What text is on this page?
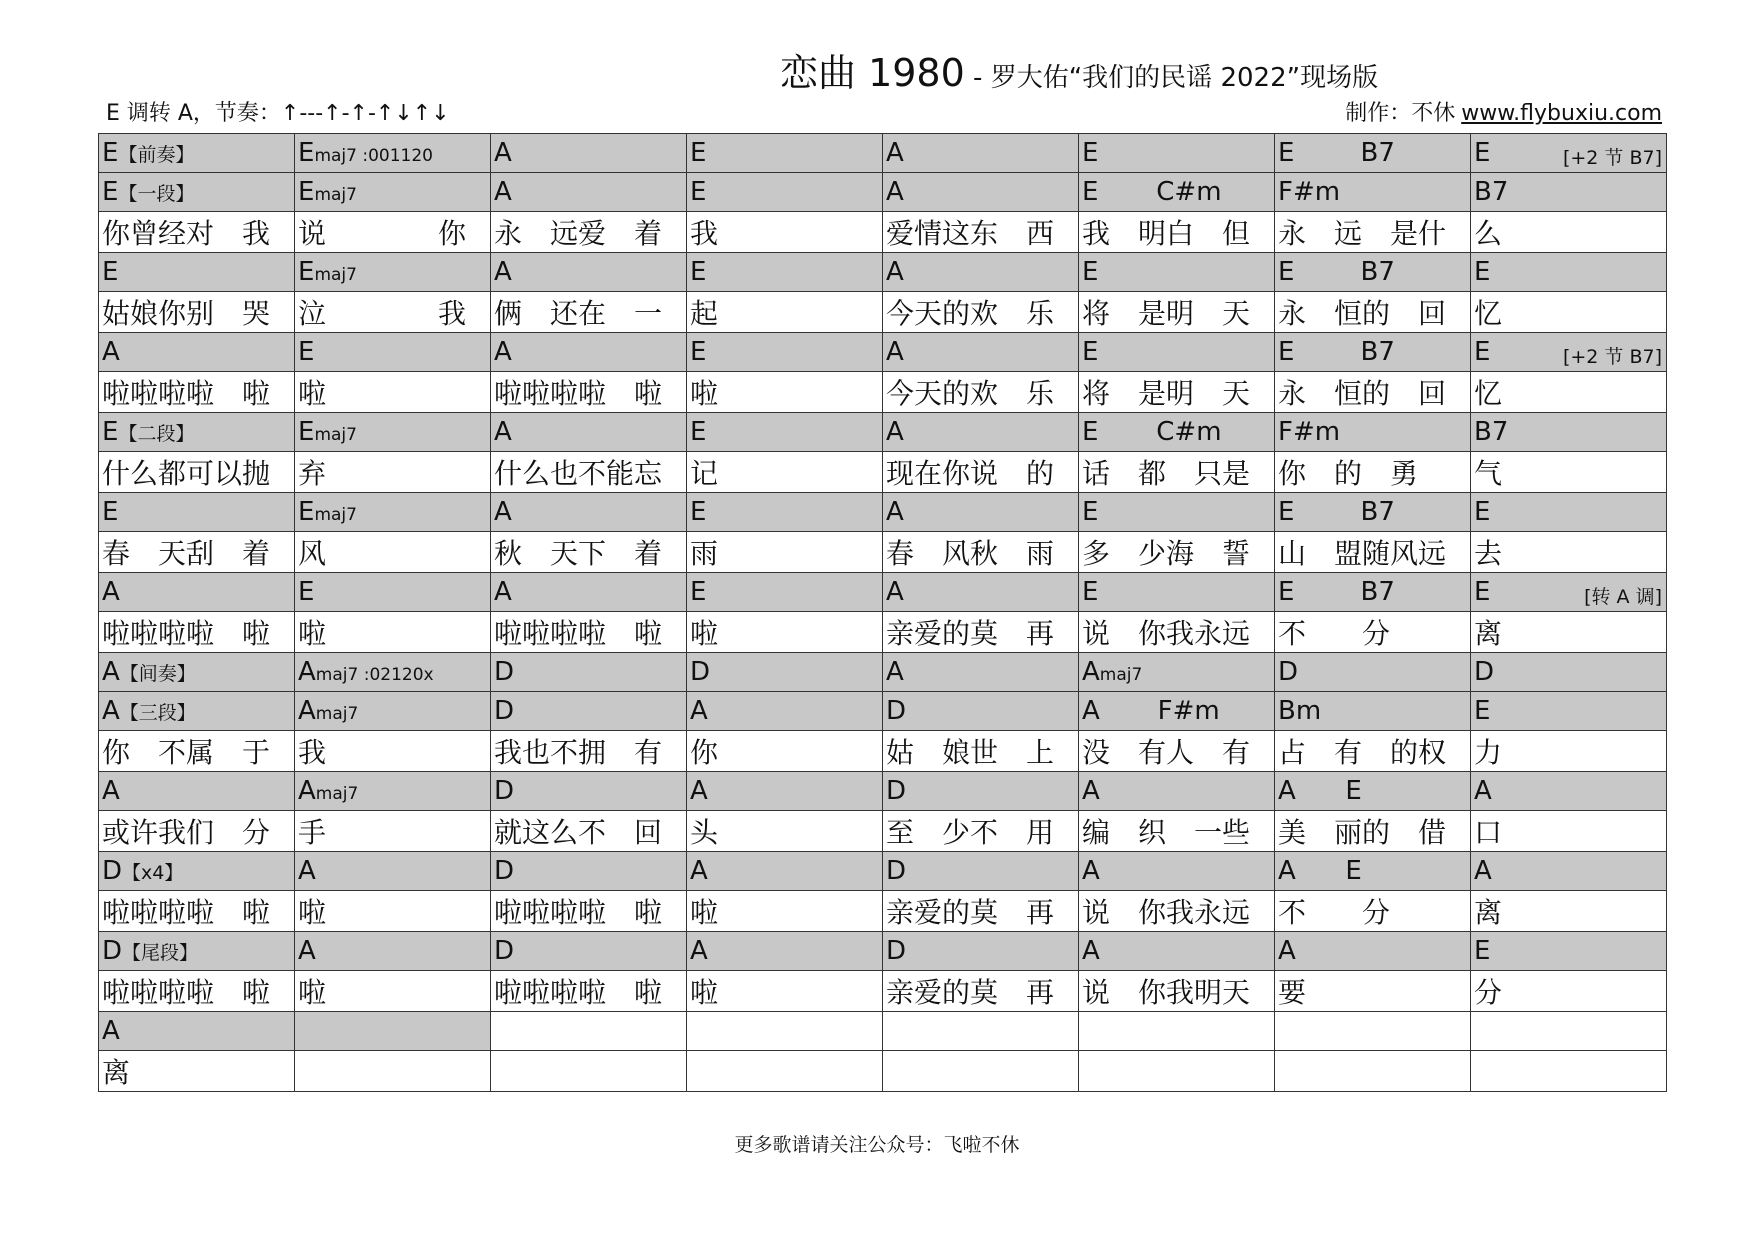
恋曲 1980 - 罗大佑“我们的民谣 2022”现场版
E 调转 A，节奏：↑---↑-↑-↑↓↑↓	制作：不休 www.flybuxiu.com
E【前奏】	Emaj7 :001120	A	E	A	E	E        B7	E [+2 节 B7]

E【一段】	Emaj7	A	E	A	E       C#m	F#m	B7
你曾经对　我	说　　　　你	永　远爱　着	我	爱情这东　西	我　明白　但	永　远　是什	么
E	Emaj7	A	E	A	E	E        B7	E
姑娘你别　哭	泣　　　　我	俩　还在　一	起	今天的欢　乐	将　是明　天	永　恒的　回	忆
A	E	A	E	A	E	E        B7	E [+2 节 B7]

啦啦啦啦　啦	啦	啦啦啦啦　啦	啦	今天的欢　乐	将　是明　天	永　恒的　回	忆
E【二段】	Emaj7	A	E	A	E       C#m	F#m	B7
什么都可以抛	弃	什么也不能忘	记	现在你说　的	话　都　只是	你　的　勇	气
E	Emaj7	A	E	A	E	E        B7	E
春　天刮　着	风	秋　天下　着	雨	春　风秋　雨	多　少海　誓	山　盟随风远	去
A	E	A	E	A	E	E        B7	E [转 A 调]

啦啦啦啦　啦	啦	啦啦啦啦　啦	啦	亲爱的莫　再	说　你我永远	不　　分	离
A【间奏】	Amaj7 :02120x	D	D	A	Amaj7	D	D
A【三段】	Amaj7	D	A	D	A       F#m	Bm	E
你　不属　于	我	我也不拥　有	你	姑　娘世　上	没　有人　有	占　有　的权	力
A	Amaj7	D	A	D	A	A      E	A
或许我们　分	手	就这么不　回	头	至　少不　用	编　织　一些	美　丽的　借	口
D【x4】	A	D	A	D	A	A      E	A
啦啦啦啦　啦	啦	啦啦啦啦　啦	啦	亲爱的莫　再	说　你我永远	不　　分	离
D【尾段】	A	D	A	D	A	A	E
啦啦啦啦　啦	啦	啦啦啦啦　啦	啦	亲爱的莫　再	说　你我明天	要	分
A							
离							
更多歌谱请关注公众号：飞啦不休
